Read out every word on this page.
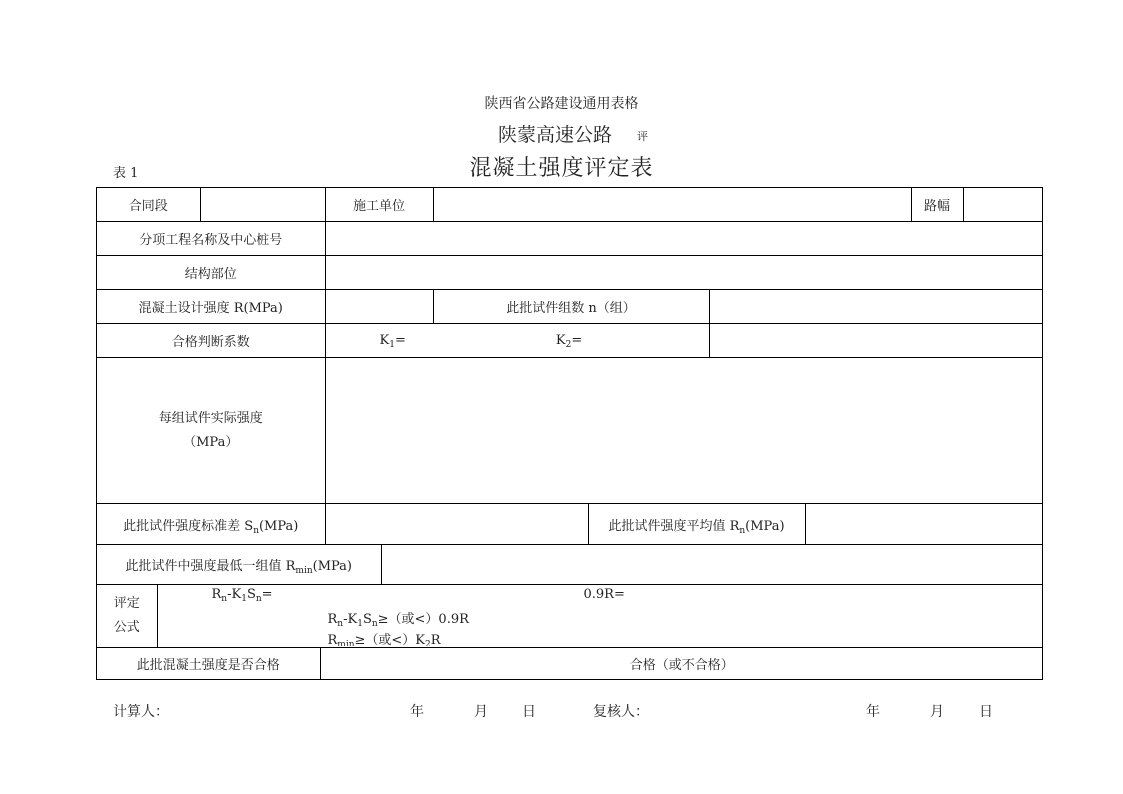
陕西省公路建设通用表格
陕蒙高速公路 评
表 1	混凝土强度评定表
合同段		施工单位		路幅	

分项工程名称及中心桩号	

结构部位	

混凝土设计强度 R(MPa)		此批试件组数 n（组）	

合格判断系数	$K_1=$	$K_2=$	

每组试件实际强度
（MPa）

此批试件强度标准差 $S_n(MPa)$		此批试件强度平均值 $R_n(MPa)$	

此批试件中强度最低一组值 $R_{min}(MPa)$	

评定
公式

$R_n-K_1S_n=$	0.9R=
$R_n-K_1S_n\ge$（或<）0.9R
$R_{min}\ge$（或$<)K_2R$

此批混凝土强度是否合格	合格（或不合格）
计算人：	年	月 日	复核人：	年	月	日
